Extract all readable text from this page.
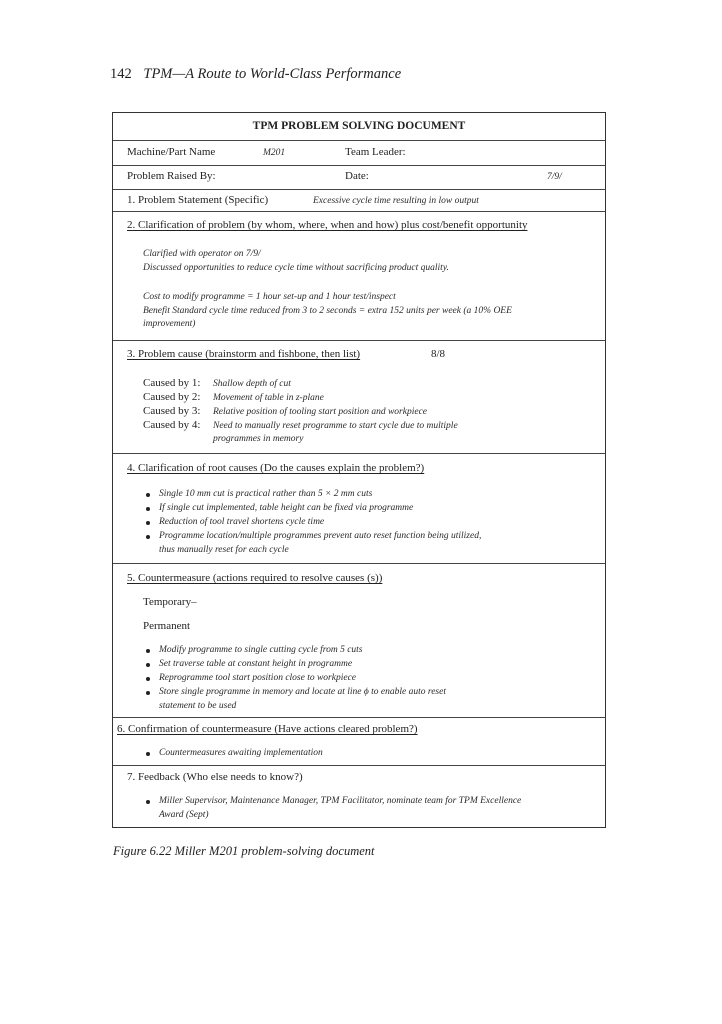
142 TPM—A Route to World-Class Performance
TPM PROBLEM SOLVING DOCUMENT
Machine/Part Name	M201	Team Leader:
Problem Raised By:	Date:	7/9/
1. Problem Statement (Specific)	Excessive cycle time resulting in low output
2. Clarification of problem (by whom, where, when and how) plus cost/benefit opportunity
Clarified with operator on 7/9/
Discussed opportunities to reduce cycle time without sacrificing product quality.
Cost to modify programme = 1 hour set-up and 1 hour test/inspect
Benefit Standard cycle time reduced from 3 to 2 seconds = extra 152 units per week (a 10% OEE
improvement)
3. Problem cause (brainstorm and fishbone, then list)	8/8
Caused by 1: Shallow depth of cut
Caused by 2: Movement of table in z-plane
Caused by 3: Relative position of tooling start position and workpiece
Caused by 4: Need to manually reset programme to start cycle due to multiple
programmes in memory
4. Clarification of root causes (Do the causes explain the problem?)
Single 10 mm cut is practical rather than 5 × 2 mm cuts
If single cut implemented, table height can be fixed via programme
Reduction of tool travel shortens cycle time
Programme location/multiple programmes prevent auto reset function being utilized,
thus manually reset for each cycle
5. Countermeasure (actions required to resolve causes (s))
Temporary–
Permanent
Modify programme to single cutting cycle from 5 cuts
Set traverse table at constant height in programme
Reprogramme tool start position close to workpiece
Store single programme in memory and locate at line ϕ to enable auto reset
statement to be used
6. Confirmation of countermeasure (Have actions cleared problem?)
Countermeasures awaiting implementation
7. Feedback (Who else needs to know?)
Miller Supervisor, Maintenance Manager, TPM Facilitator, nominate team for TPM Excellence
Award (Sept)
Figure 6.22 Miller M201 problem-solving document
